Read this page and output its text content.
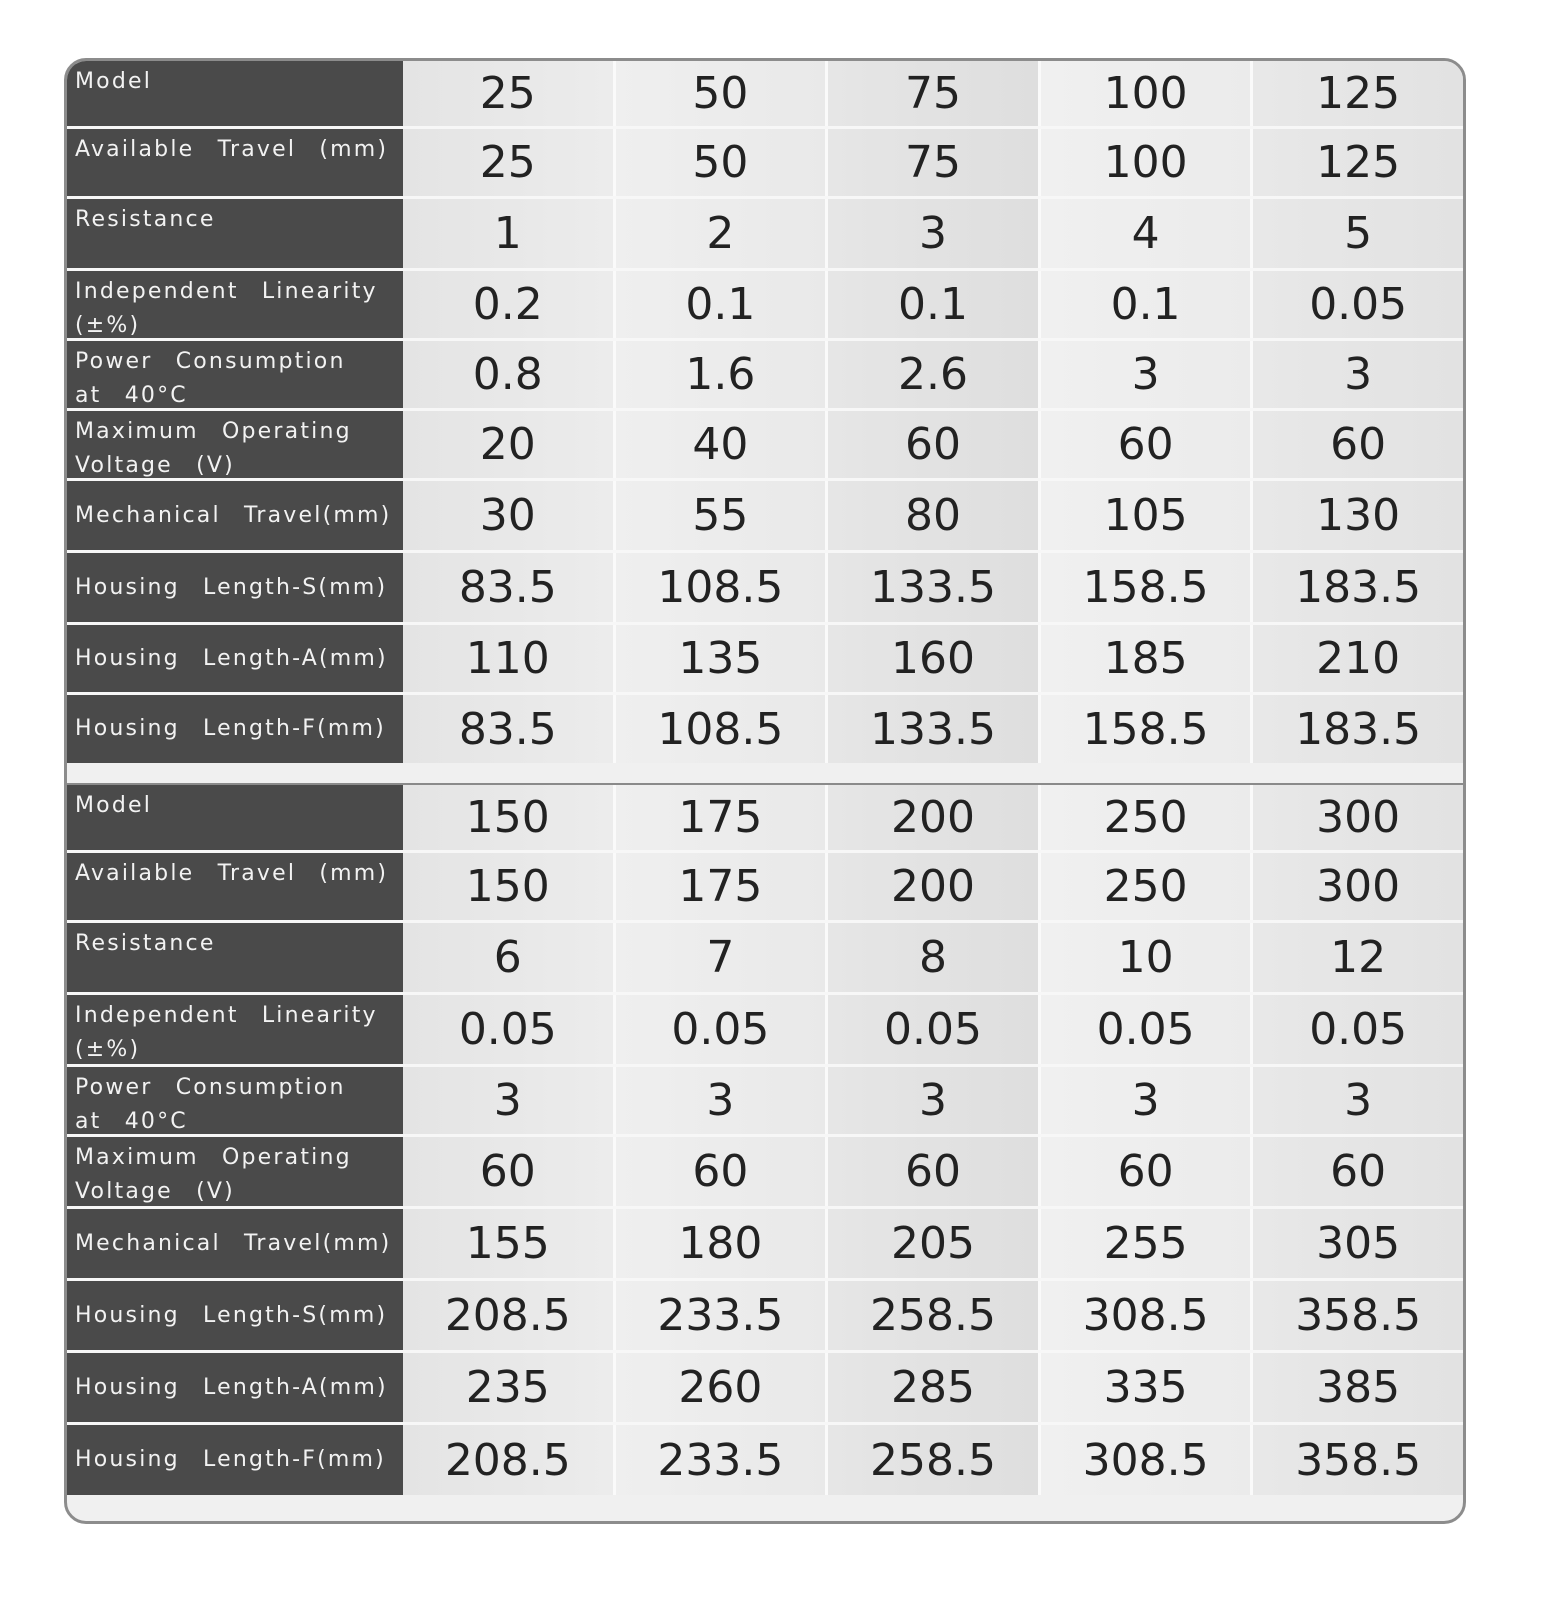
Model	25	50	75	100	125
Available Travel (mm)	25	50	75	100	125
Resistance	1	2	3	4	5
Independent Linearity (±%)	0.2	0.1	0.1	0.1	0.05
Power Consumption at 40°C	0.8	1.6	2.6	3	3
Maximum Operating Voltage (V)	20	40	60	60	60
Mechanical Travel(mm)	30	55	80	105	130
Housing Length-S(mm)	83.5	108.5	133.5	158.5	183.5
Housing Length-A(mm)	110	135	160	185	210
Housing Length-F(mm)	83.5	108.5	133.5	158.5	183.5
Model	150	175	200	250	300
Available Travel (mm)	150	175	200	250	300
Resistance	6	7	8	10	12
Independent Linearity (±%)	0.05	0.05	0.05	0.05	0.05
Power Consumption at 40°C	3	3	3	3	3
Maximum Operating Voltage (V)	60	60	60	60	60
Mechanical Travel(mm)	155	180	205	255	305
Housing Length-S(mm)	208.5	233.5	258.5	308.5	358.5
Housing Length-A(mm)	235	260	285	335	385
Housing Length-F(mm)	208.5	233.5	258.5	308.5	358.5
